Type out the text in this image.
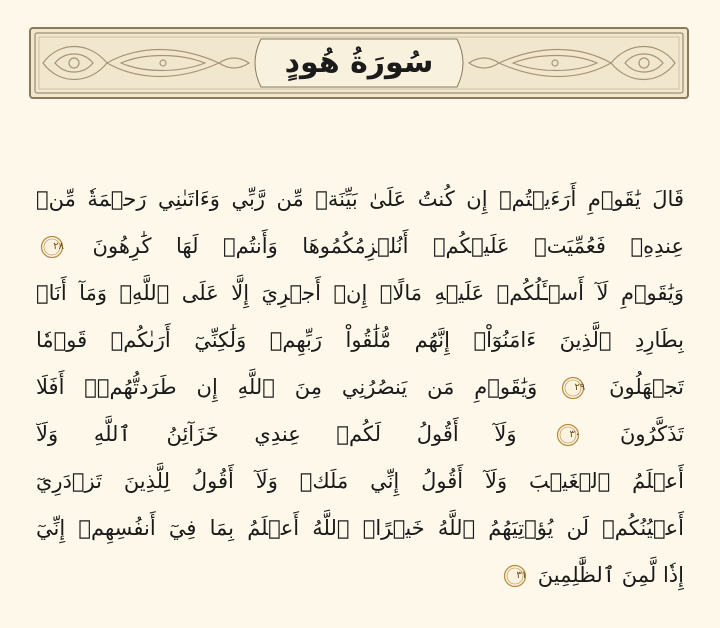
سُورَةُ هُودٍ
قَالَ يَٰقَوۡمِ أَرَءَيۡتُمۡ إِن كُنتُ عَلَىٰ بَيِّنَةٖ مِّن رَّبِّي وَءَاتَىٰنِي رَحۡمَةٗ مِّنۡ
عِندِهِۦ فَعُمِّيَتۡ عَلَيۡكُمۡ أَنُلۡزِمُكُمُوهَا وَأَنتُمۡ لَهَا كَٰرِهُونَ
٢٨
وَيَٰقَوۡمِ لَآ أَسۡـَٔلُكُمۡ عَلَيۡهِ مَالًاۖ إِنۡ أَجۡرِيَ إِلَّا عَلَى ٱللَّهِۚ وَمَآ أَنَا۠
بِطَارِدِ ٱلَّذِينَ ءَامَنُوٓاْۚ إِنَّهُم مُّلَٰقُواْ رَبِّهِمۡ وَلَٰكِنِّيٓ أَرَىٰكُمۡ قَوۡمٗا
تَجۡهَلُونَ
٢٩ وَيَٰقَوۡمِ مَن يَنصُرُنِي مِنَ ٱللَّهِ إِن طَرَدتُّهُمۡۚ أَفَلَا
تَذَكَّرُونَ
٣٠ وَلَآ أَقُولُ لَكُمۡ عِندِي خَزَآئِنُ ٱللَّهِ وَلَآ
أَعۡلَمُ ٱلۡغَيۡبَ وَلَآ أَقُولُ إِنِّي مَلَكٞ وَلَآ أَقُولُ لِلَّذِينَ تَزۡدَرِيٓ
أَعۡيُنُكُمۡ لَن يُؤۡتِيَهُمُ ٱللَّهُ خَيۡرًاۖ ٱللَّهُ أَعۡلَمُ بِمَا فِيٓ أَنفُسِهِمۡ إِنِّيٓ
إِذٗا لَّمِنَ ٱلظَّٰلِمِينَ
٣١
